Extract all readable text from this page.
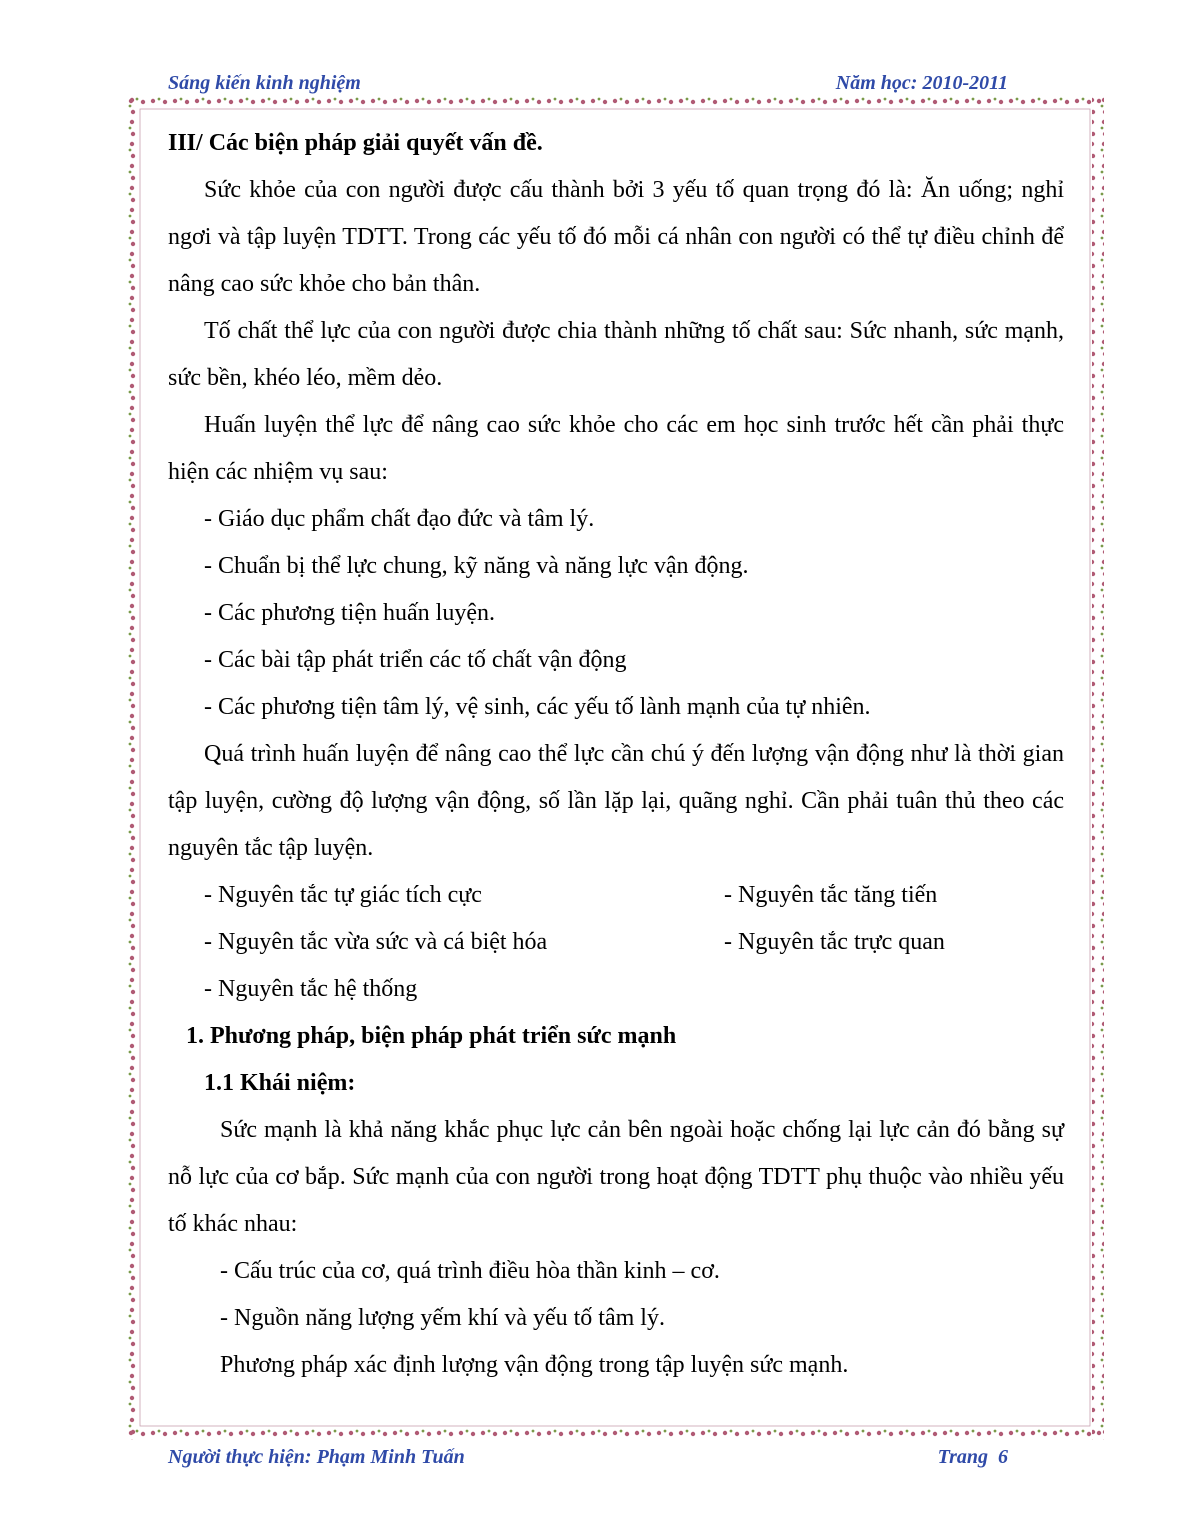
Sáng kiến kinh nghiệm	Năm học: 2010-2011

III/ Các biện pháp giải quyết vấn đề.

Sức khỏe của con người được cấu thành bởi 3 yếu tố quan trọng đó là: Ăn uống; nghỉ ngơi và tập luyện TDTT. Trong các yếu tố đó mỗi cá nhân con người có thể tự điều chỉnh để nâng cao sức khỏe cho bản thân.

Tố chất thể lực của con người được chia thành những tố chất sau: Sức nhanh, sức mạnh, sức bền, khéo léo, mềm dẻo.

Huấn luyện thể lực để nâng cao sức khỏe cho các em học sinh trước hết cần phải thực hiện các nhiệm vụ sau:

- Giáo dục phẩm chất đạo đức và tâm lý.

- Chuẩn bị thể lực chung, kỹ năng và năng lực vận động.

- Các phương tiện huấn luyện.

- Các bài tập phát triển các tố chất vận động

- Các phương tiện tâm lý, vệ sinh, các yếu tố lành mạnh của tự nhiên.

Quá trình huấn luyện để nâng cao thể lực cần chú ý đến lượng vận động như là thời gian tập luyện, cường độ lượng vận động, số lần lặp lại, quãng nghỉ. Cần phải tuân thủ theo các nguyên tắc tập luyện.

- Nguyên tắc tự giác tích cực	- Nguyên tắc tăng tiến
- Nguyên tắc vừa sức và cá biệt hóa	- Nguyên tắc trực quan

- Nguyên tắc hệ thống

1. Phương pháp, biện pháp phát triển sức mạnh

1.1 Khái niệm:

Sức mạnh là khả năng khắc phục lực cản bên ngoài hoặc chống lại lực cản đó bằng sự nỗ lực của cơ bắp. Sức mạnh của con người trong hoạt động TDTT phụ thuộc vào nhiều yếu tố khác nhau:

- Cấu trúc của cơ, quá trình điều hòa thần kinh – cơ.

- Nguồn năng lượng yếm khí và yếu tố tâm lý.

Phương pháp xác định lượng vận động trong tập luyện sức mạnh.

Người thực hiện: Phạm Minh Tuấn	Trang 6
